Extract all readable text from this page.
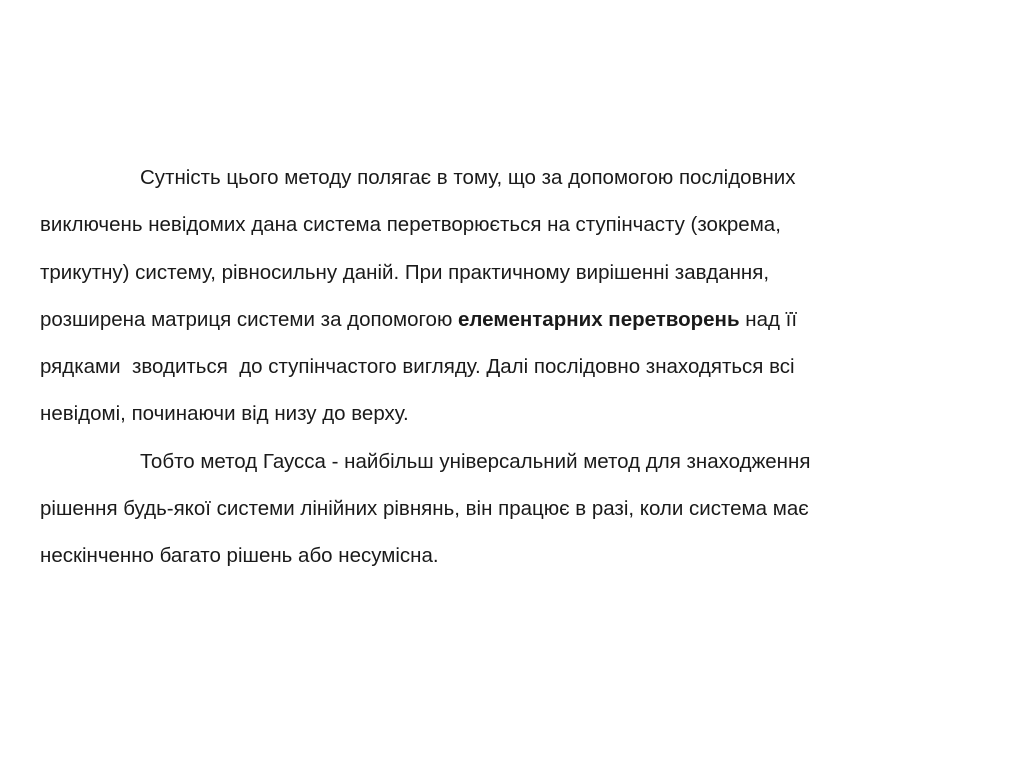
Сутність цього методу полягає в тому, що за допомогою послідовних
виключень невідомих дана система перетворюється на ступінчасту (зокрема,
трикутну) систему, рівносильну даній. При практичному вирішенні завдання,
розширена матриця системи за допомогою елементарних перетворень над її
рядками  зводиться  до ступінчастого вигляду. Далі послідовно знаходяться всі
невідомі, починаючи від низу до верху.
Тобто метод Гаусса - найбільш універсальний метод для знаходження
рішення будь-якої системи лінійних рівнянь, він працює в разі, коли система має
нескінченно багато рішень або несумісна.
